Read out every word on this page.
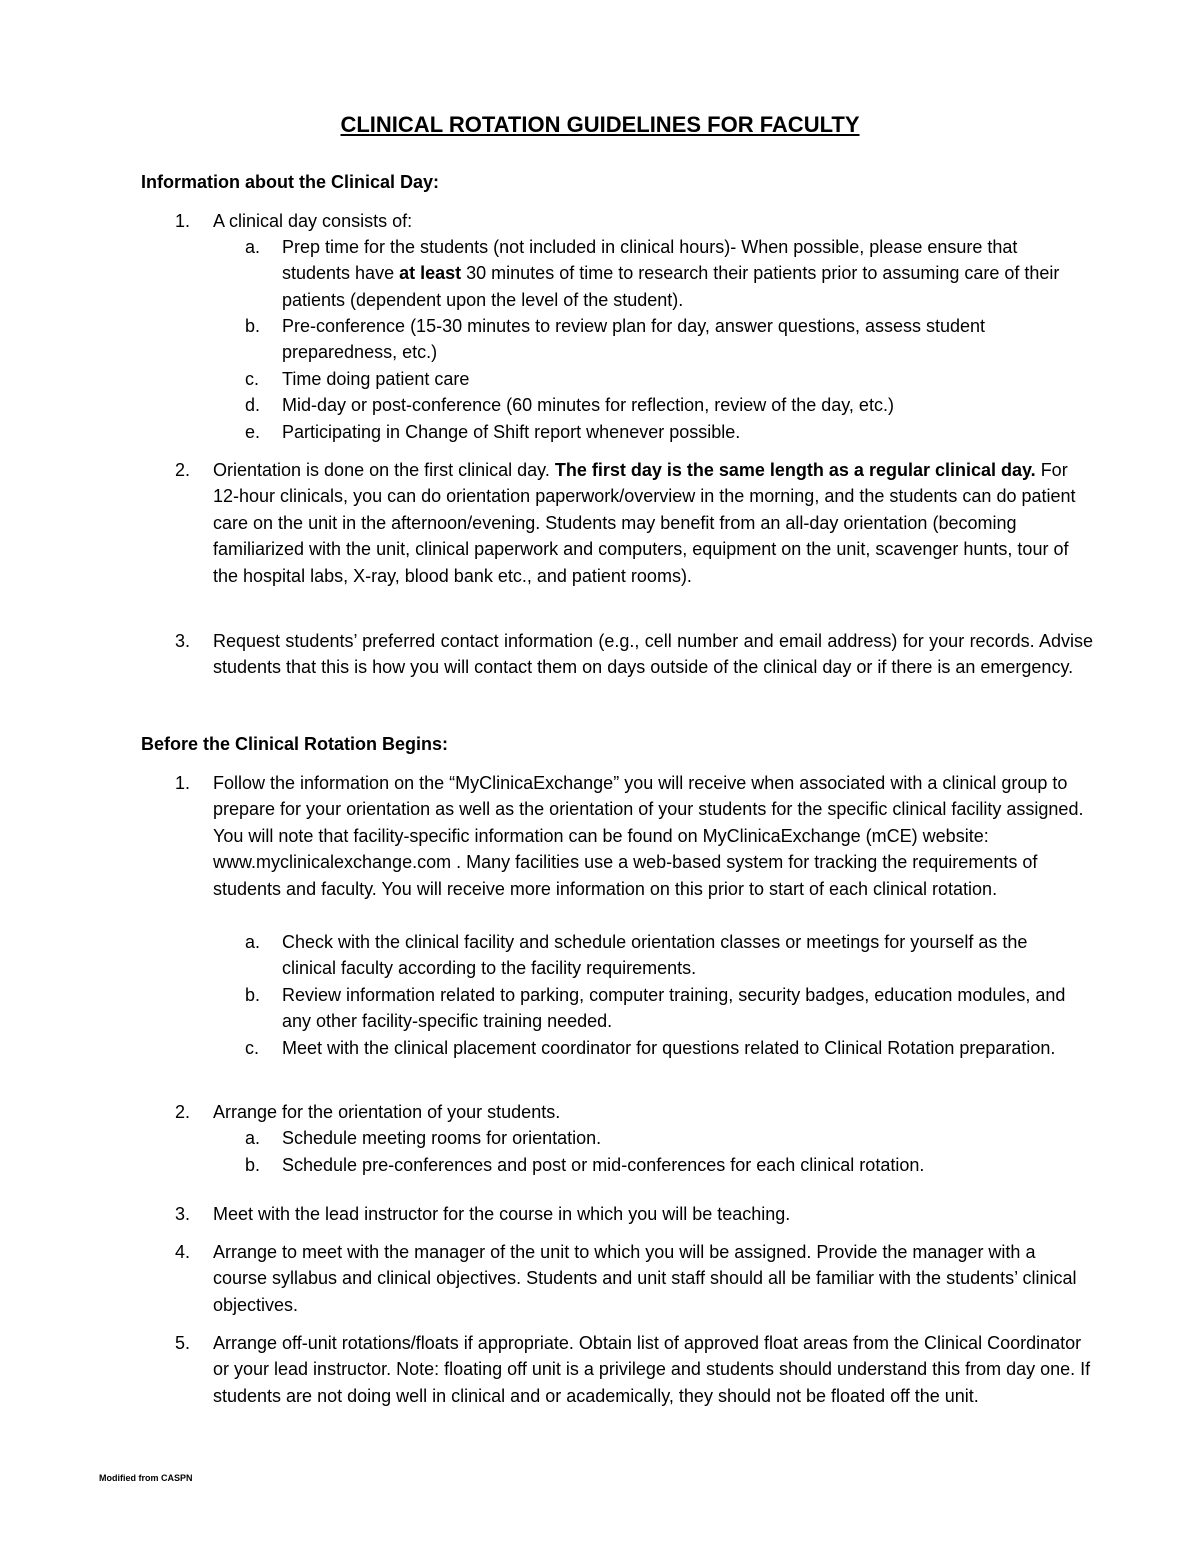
CLINICAL ROTATION GUIDELINES FOR FACULTY
Information about the Clinical Day:
1.	A clinical day consists of:
a.	Prep time for the students (not included in clinical hours)- When possible, please ensure that students have at least 30 minutes of time to research their patients prior to assuming care of their patients (dependent upon the level of the student).
b.	Pre-conference (15-30 minutes to review plan for day, answer questions, assess student preparedness, etc.)
c.	Time doing patient care
d.	Mid-day or post-conference (60 minutes for reflection, review of the day, etc.)
e.	Participating in Change of Shift report whenever possible.
2.	Orientation is done on the first clinical day. The first day is the same length as a regular clinical day. For 12-hour clinicals, you can do orientation paperwork/overview in the morning, and the students can do patient care on the unit in the afternoon/evening. Students may benefit from an all-day orientation (becoming familiarized with the unit, clinical paperwork and computers, equipment on the unit, scavenger hunts, tour of the hospital labs, X-ray, blood bank etc., and patient rooms).
3.	Request students’ preferred contact information (e.g., cell number and email address) for your records. Advise students that this is how you will contact them on days outside of the clinical day or if there is an emergency.
Before the Clinical Rotation Begins:
1.	Follow the information on the “MyClinicaExchange” you will receive when associated with a clinical group to prepare for your orientation as well as the orientation of your students for the specific clinical facility assigned. You will note that facility-specific information can be found on MyClinicaExchange (mCE) website: www.myclinicalexchange.com . Many facilities use a web-based system for tracking the requirements of students and faculty. You will receive more information on this prior to start of each clinical rotation.
a.	Check with the clinical facility and schedule orientation classes or meetings for yourself as the clinical faculty according to the facility requirements.
b.	Review information related to parking, computer training, security badges, education modules, and any other facility-specific training needed.
c.	Meet with the clinical placement coordinator for questions related to Clinical Rotation preparation.
2.	Arrange for the orientation of your students.
a.	Schedule meeting rooms for orientation.
b.	Schedule pre-conferences and post or mid-conferences for each clinical rotation.
3.	Meet with the lead instructor for the course in which you will be teaching.
4.	Arrange to meet with the manager of the unit to which you will be assigned. Provide the manager with a course syllabus and clinical objectives. Students and unit staff should all be familiar with the students’ clinical objectives.
5.	Arrange off-unit rotations/floats if appropriate. Obtain list of approved float areas from the Clinical Coordinator or your lead instructor. Note: floating off unit is a privilege and students should understand this from day one. If students are not doing well in clinical and or academically, they should not be floated off the unit.
Modified from CASPN
